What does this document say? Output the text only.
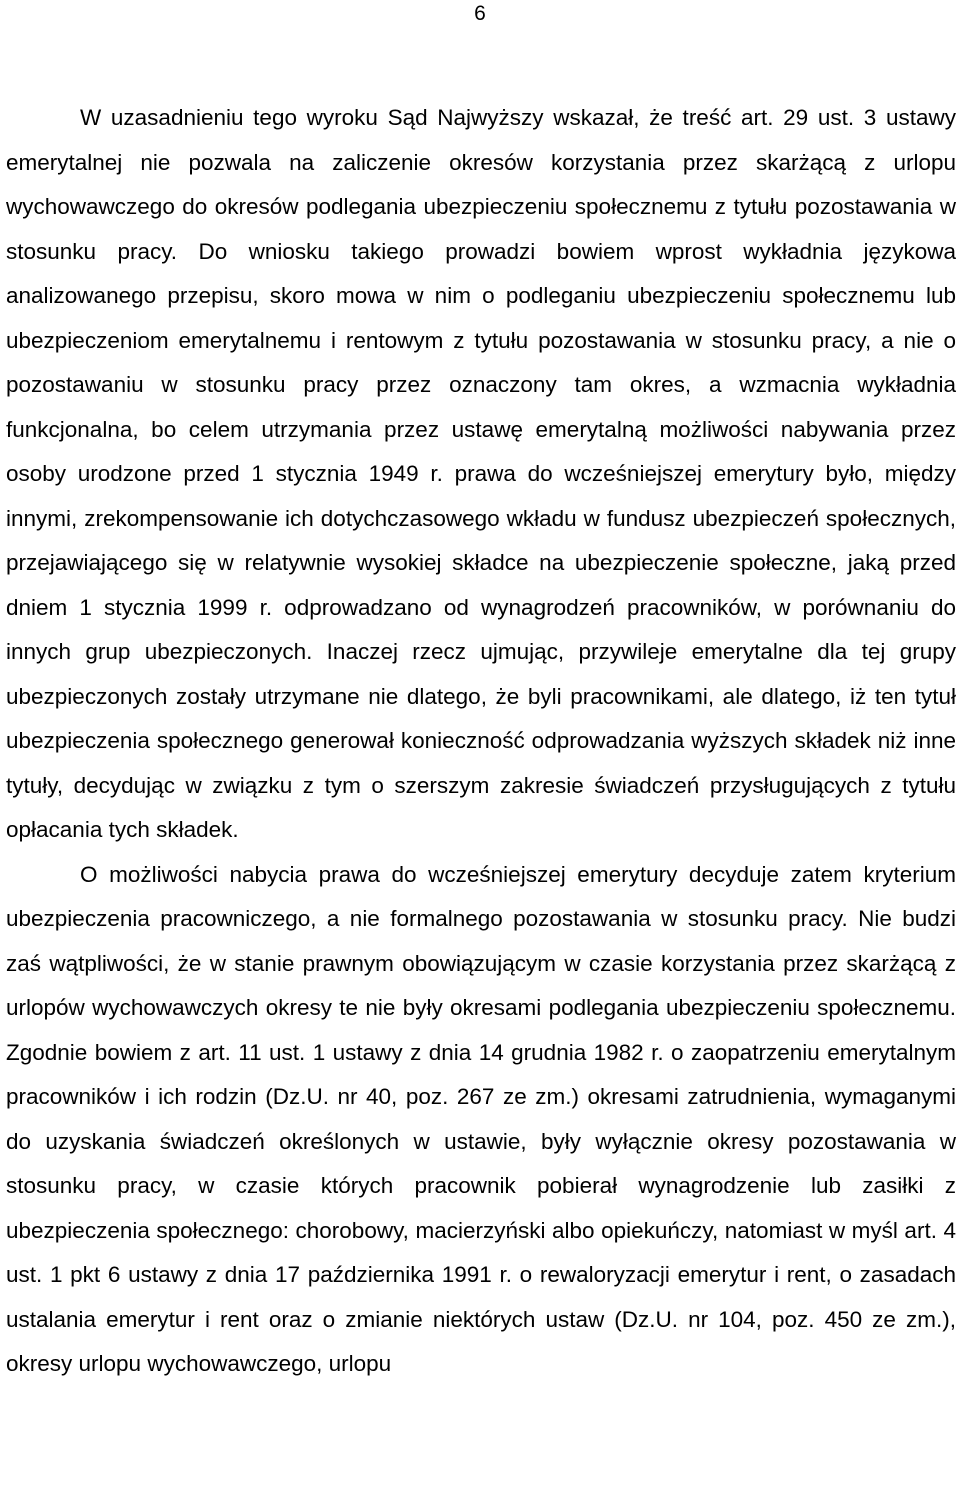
6

W uzasadnieniu tego wyroku Sąd Najwyższy wskazał, że treść art. 29 ust. 3 ustawy emerytalnej nie pozwala na zaliczenie okresów korzystania przez skarżącą z urlopu wychowawczego do okresów podlegania ubezpieczeniu społecznemu z tytułu pozostawania w stosunku pracy. Do wniosku takiego prowadzi bowiem wprost wykładnia językowa analizowanego przepisu, skoro mowa w nim o podleganiu ubezpieczeniu społecznemu lub ubezpieczeniom emerytalnemu i rentowym z tytułu pozostawania w stosunku pracy, a nie o pozostawaniu w stosunku pracy przez oznaczony tam okres, a wzmacnia wykładnia funkcjonalna, bo celem utrzymania przez ustawę emerytalną możliwości nabywania przez osoby urodzone przed 1 stycznia 1949 r. prawa do wcześniejszej emerytury było, między innymi, zrekompensowanie ich dotychczasowego wkładu w fundusz ubezpieczeń społecznych, przejawiającego się w relatywnie wysokiej składce na ubezpieczenie społeczne, jaką przed dniem 1 stycznia 1999 r. odprowadzano od wynagrodzeń pracowników, w porównaniu do innych grup ubezpieczonych. Inaczej rzecz ujmując, przywileje emerytalne dla tej grupy ubezpieczonych zostały utrzymane nie dlatego, że byli pracownikami, ale dlatego, iż ten tytuł ubezpieczenia społecznego generował konieczność odprowadzania wyższych składek niż inne tytuły, decydując w związku z tym o szerszym zakresie świadczeń przysługujących z tytułu opłacania tych składek.

O możliwości nabycia prawa do wcześniejszej emerytury decyduje zatem kryterium ubezpieczenia pracowniczego, a nie formalnego pozostawania w stosunku pracy. Nie budzi zaś wątpliwości, że w stanie prawnym obowiązującym w czasie korzystania przez skarżącą z urlopów wychowawczych okresy te nie były okresami podlegania ubezpieczeniu społecznemu. Zgodnie bowiem z art. 11 ust. 1 ustawy z dnia 14 grudnia 1982 r. o zaopatrzeniu emerytalnym pracowników i ich rodzin (Dz.U. nr 40, poz. 267 ze zm.) okresami zatrudnienia, wymaganymi do uzyskania świadczeń określonych w ustawie, były wyłącznie okresy pozostawania w stosunku pracy, w czasie których pracownik pobierał wynagrodzenie lub zasiłki z ubezpieczenia społecznego: chorobowy, macierzyński albo opiekuńczy, natomiast w myśl art. 4 ust. 1 pkt 6 ustawy z dnia 17 października 1991 r. o rewaloryzacji emerytur i rent, o zasadach ustalania emerytur i rent oraz o zmianie niektórych ustaw (Dz.U. nr 104, poz. 450 ze zm.), okresy urlopu wychowawczego, urlopu
